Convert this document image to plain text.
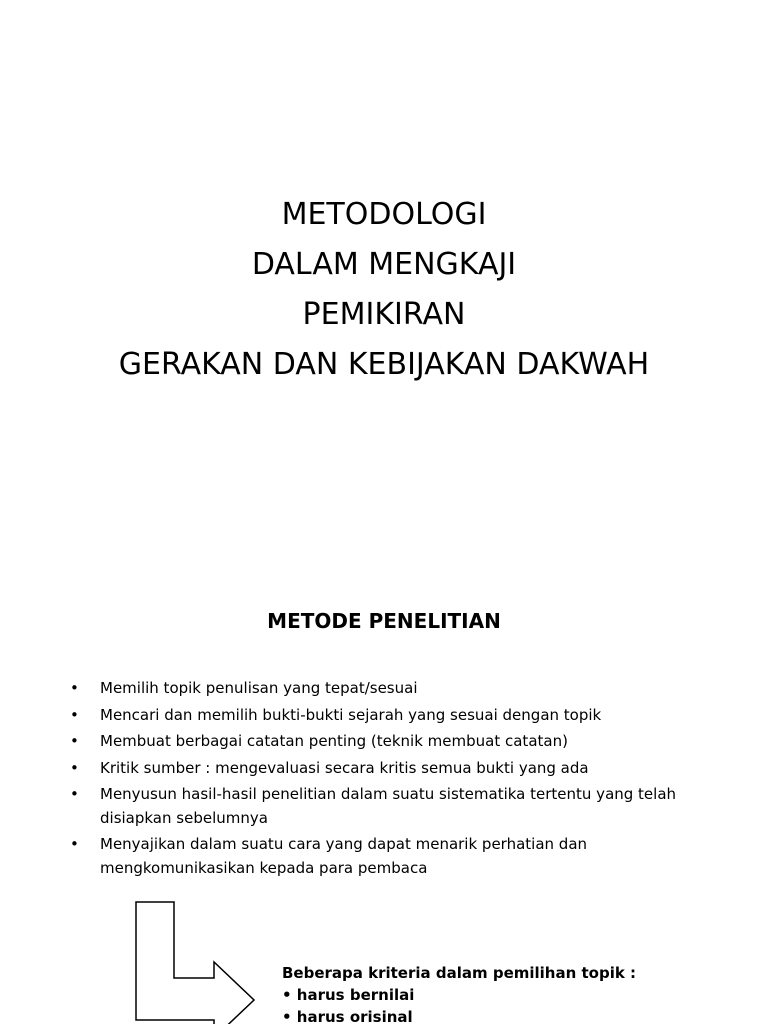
METODOLOGI
DALAM MENGKAJI
PEMIKIRAN
GERAKAN DAN KEBIJAKAN DAKWAH
METODE PENELITIAN
• Memilih topik penulisan yang tepat/sesuai
• Mencari dan memilih bukti-bukti sejarah yang sesuai dengan topik
• Membuat berbagai catatan penting (teknik membuat catatan)
• Kritik sumber : mengevaluasi secara kritis semua bukti yang ada
• Menyusun hasil-hasil penelitian dalam suatu sistematika tertentu yang telah disiapkan sebelumnya
• Menyajikan dalam suatu cara yang dapat menarik perhatian dan mengkomunikasikan kepada para pembaca
Beberapa kriteria dalam pemilihan topik :
• harus bernilai
• harus orisinal
